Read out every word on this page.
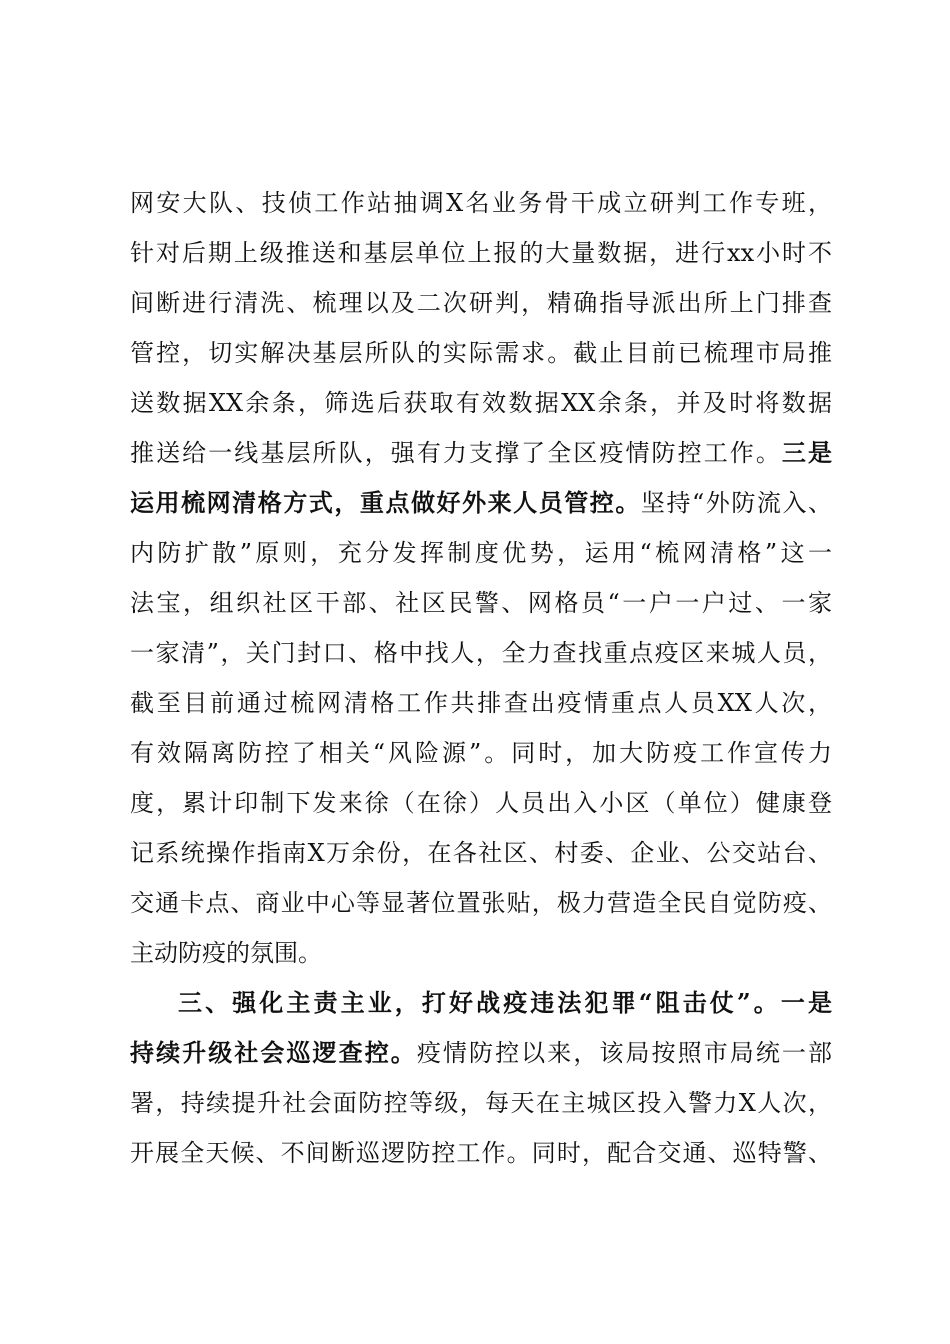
网安大队、技侦工作站抽调X名业务骨干成立研判工作专班，
针对后期上级推送和基层单位上报的大量数据，进行xx小时不
间断进行清洗、梳理以及二次研判，精确指导派出所上门排查
管控，切实解决基层所队的实际需求。截止目前已梳理市局推
送数据XX余条，筛选后获取有效数据XX余条，并及时将数据
推送给一线基层所队，强有力支撑了全区疫情防控工作。三是
运用梳网清格方式，重点做好外来人员管控。坚持“外防流入、
内防扩散”原则，充分发挥制度优势，运用“梳网清格”这一
法宝，组织社区干部、社区民警、网格员“一户一户过、一家
一家清”，关门封口、格中找人，全力查找重点疫区来城人员，
截至目前通过梳网清格工作共排查出疫情重点人员XX人次，
有效隔离防控了相关“风险源”。同时，加大防疫工作宣传力
度，累计印制下发来徐（在徐）人员出入小区（单位）健康登
记系统操作指南X万余份，在各社区、村委、企业、公交站台、
交通卡点、商业中心等显著位置张贴，极力营造全民自觉防疫、
主动防疫的氛围。
三、强化主责主业，打好战疫违法犯罪“阻击仗”。一是
持续升级社会巡逻查控。疫情防控以来，该局按照市局统一部
署，持续提升社会面防控等级，每天在主城区投入警力X人次，
开展全天候、不间断巡逻防控工作。同时，配合交通、巡特警、
